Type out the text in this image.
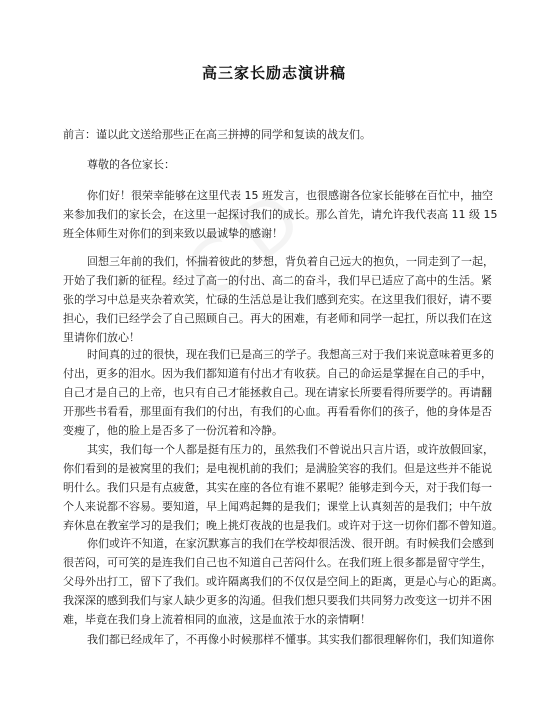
高三家长励志演讲稿
前言：谨以此文送给那些正在高三拼搏的同学和复读的战友们。
尊敬的各位家长：
你们好！很荣幸能够在这里代表 15 班发言，也很感谢各位家长能够在百忙中，抽空
来参加我们的家长会，在这里一起探讨我们的成长。那么首先，请允许我代表高 11 级 15
班全体师生对你们的到来致以最诚挚的感谢！
回想三年前的我们，怀揣着彼此的梦想，背负着自己远大的抱负，一同走到了一起，
开始了我们新的征程。经过了高一的付出、高二的奋斗，我们早已适应了高中的生活。紧
张的学习中总是夹杂着欢笑，忙碌的生活总是让我们感到充实。在这里我们很好，请不要
担心，我们已经学会了自己照顾自己。再大的困难，有老师和同学一起扛，所以我们在这
里请你们放心！
时间真的过的很快，现在我们已是高三的学子。我想高三对于我们来说意味着更多的
付出，更多的泪水。因为我们都知道有付出才有收获。自己的命运是掌握在自己的手中，
自己才是自己的上帝，也只有自己才能拯救自己。现在请家长所要看得所要学的。再请翻
开那些书看看，那里面有我们的付出，有我们的心血。再看看你们的孩子，他的身体是否
变瘦了，他的脸上是否多了一份沉着和冷静。
其实，我们每一个人都是挺有压力的，虽然我们不曾说出只言片语，或许放假回家，
你们看到的是被窝里的我们；是电视机前的我们；是满脸笑容的我们。但是这些并不能说
明什么。我们只是有点疲惫，其实在座的各位有谁不累呢？能够走到今天，对于我们每一
个人来说都不容易。要知道，早上闻鸡起舞的是我们；课堂上认真刻苦的是我们；中午放
弃休息在教室学习的是我们；晚上挑灯夜战的也是我们。或许对于这一切你们都不曾知道。
你们或许不知道，在家沉默寡言的我们在学校却很活泼、很开朗。有时候我们会感到
很苦闷，可可笑的是连我们自己也不知道自己苦闷什么。在我们班上很多都是留守学生，
父母外出打工，留下了我们。或许隔离我们的不仅仅是空间上的距离，更是心与心的距离。
我深深的感到我们与家人缺少更多的沟通。但我们想只要我们共同努力改变这一切并不困
难，毕竟在我们身上流着相同的血液，这是血浓于水的亲情啊！
我们都已经成年了，不再像小时候那样不懂事。其实我们都很理解你们，我们知道你
